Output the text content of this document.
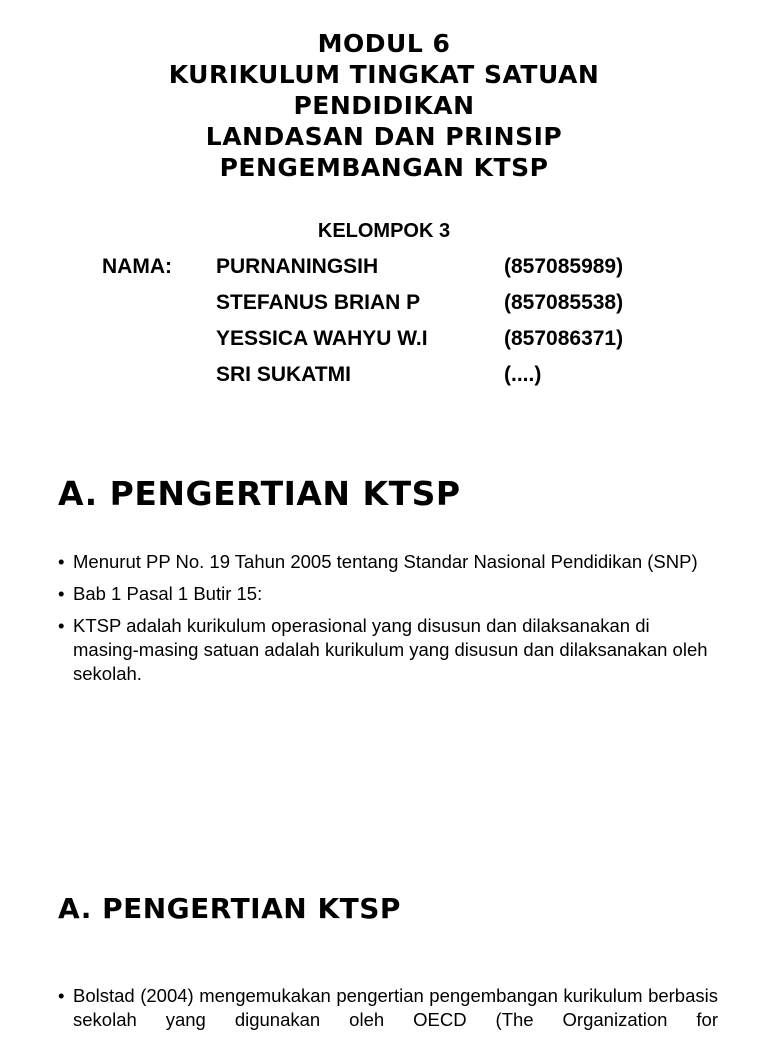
MODUL 6
KURIKULUM TINGKAT SATUAN
PENDIDIKAN
LANDASAN DAN PRINSIP
PENGEMBANGAN KTSP
KELOMPOK 3
NAMA: PURNANINGSIH	(857085989)
STEFANUS BRIAN P	(857085538)
YESSICA WAHYU W.I	(857086371)
SRI SUKATMI	(....)
A. PENGERTIAN KTSP
• Menurut PP No. 19 Tahun 2005 tentang Standar Nasional Pendidikan (SNP)
• Bab 1 Pasal 1 Butir 15:
• KTSP adalah kurikulum operasional yang disusun dan dilaksanakan di masing-masing satuan adalah kurikulum yang disusun dan dilaksanakan oleh sekolah.
A. PENGERTIAN KTSP
• Bolstad (2004) mengemukakan pengertian pengembangan kurikulum berbasis sekolah yang digunakan oleh OECD (The Organization for
